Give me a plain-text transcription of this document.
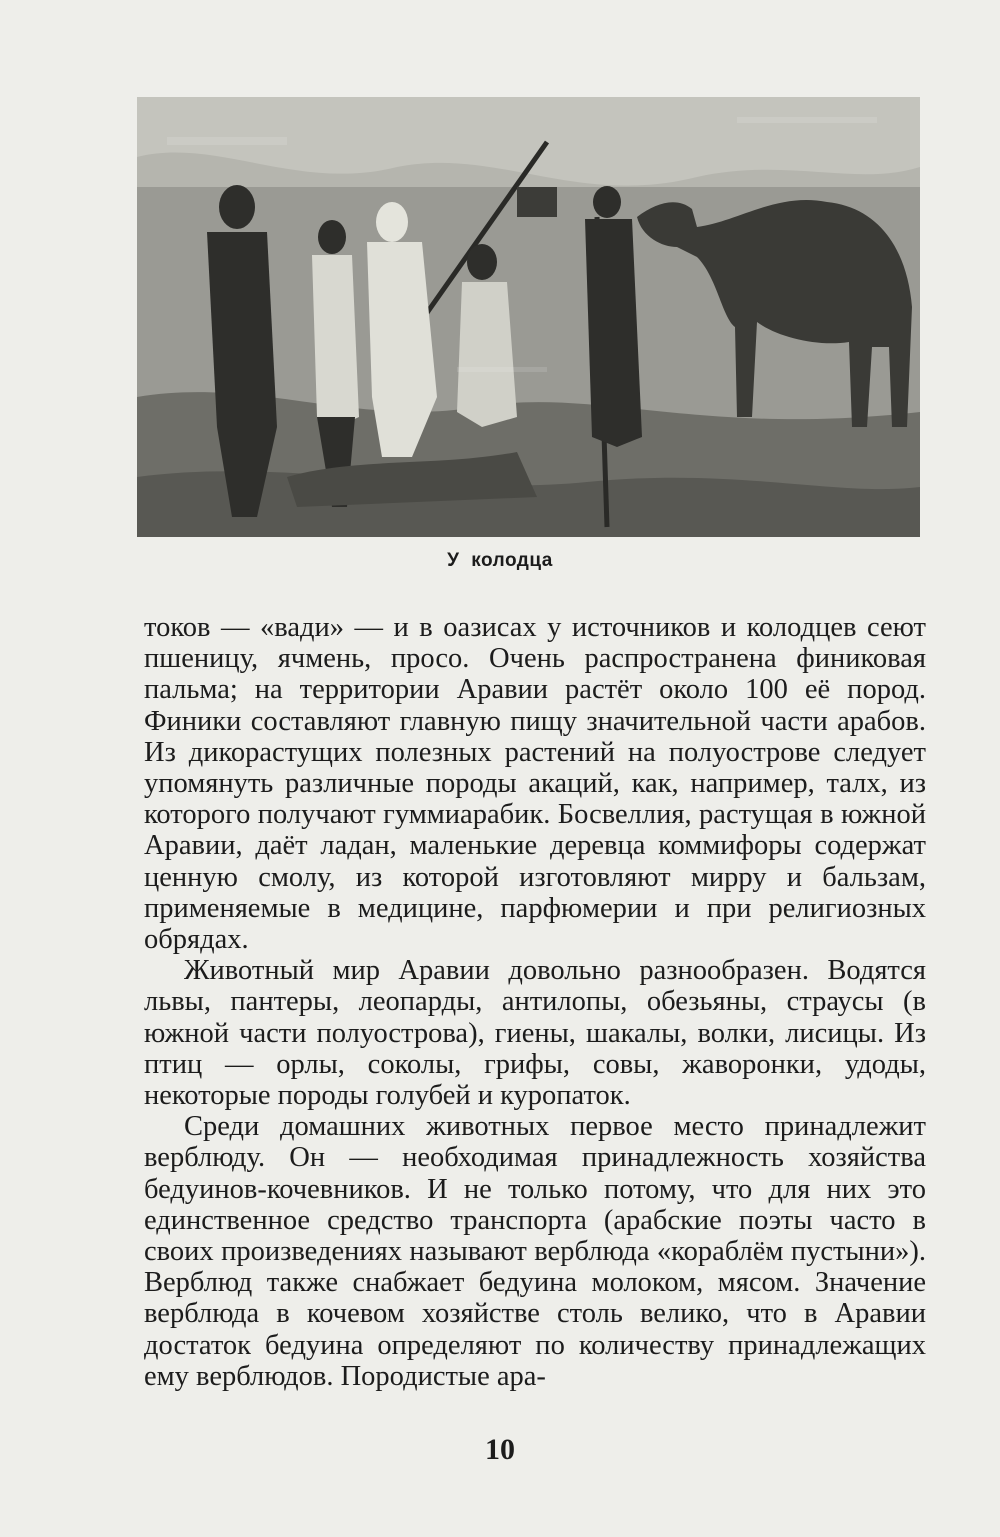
У колодца

токов — «вади» — и в оазисах у источников и колодцев сеют пшеницу, ячмень, просо. Очень распространена финиковая пальма; на территории Аравии растёт около 100 её пород. Финики составляют главную пищу значительной части арабов. Из дикорастущих полезных растений на полуострове следует упомянуть различные породы акаций, как, например, талх, из которого получают гуммиарабик. Босвеллия, растущая в южной Аравии, даёт ладан, маленькие деревца коммифоры содержат ценную смолу, из которой изготовляют мирру и бальзам, применяемые в медицине, парфюмерии и при религиозных обрядах.

Животный мир Аравии довольно разнообразен. Водятся львы, пантеры, леопарды, антилопы, обезьяны, страусы (в южной части полуострова), гиены, шакалы, волки, лисицы. Из птиц — орлы, соколы, грифы, совы, жаворонки, удоды, некоторые породы голубей и куропаток.

Среди домашних животных первое место принадлежит верблюду. Он — необходимая принадлежность хозяйства бедуинов-кочевников. И не только потому, что для них это единственное средство транспорта (арабские поэты часто в своих произведениях называют верблюда «кораблём пустыни»). Верблюд также снабжает бедуина молоком, мясом. Значение верблюда в кочевом хозяйстве столь велико, что в Аравии достаток бедуина определяют по количеству принадлежащих ему верблюдов. Породистые ара-

10
